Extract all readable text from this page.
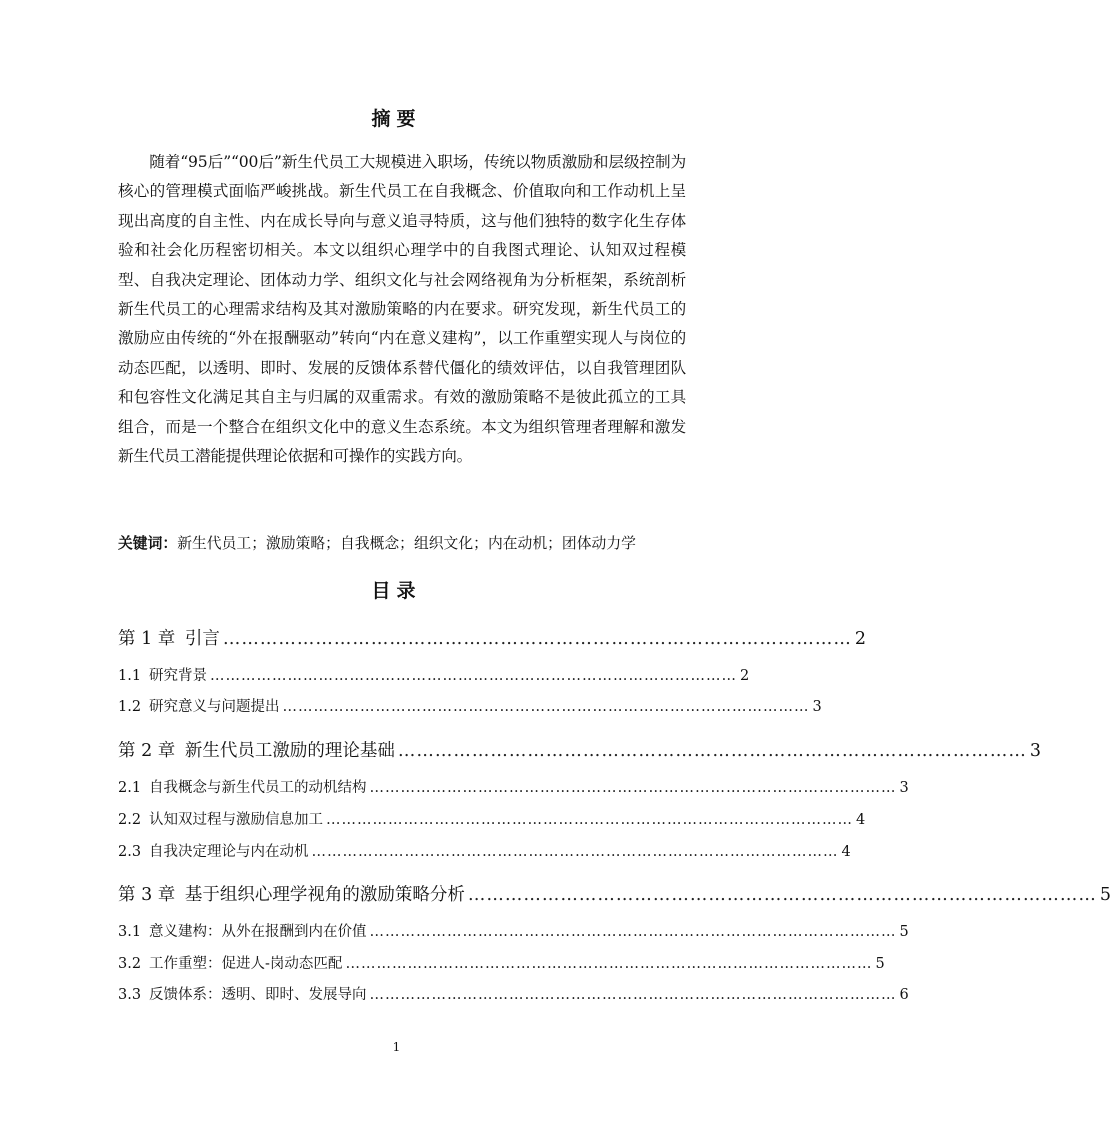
摘要

随着“95后”“00后”新生代员工大规模进入职场，传统以物质激励和层级控制为核心的管理模式面临严峻挑战。新生代员工在自我概念、价值取向和工作动机上呈现出高度的自主性、内在成长导向与意义追寻特质，这与他们独特的数字化生存体验和社会化历程密切相关。本文以组织心理学中的自我图式理论、认知双过程模型、自我决定理论、团体动力学、组织文化与社会网络视角为分析框架，系统剖析新生代员工的心理需求结构及其对激励策略的内在要求。研究发现，新生代员工的激励应由传统的“外在报酬驱动”转向“内在意义建构”，以工作重塑实现人与岗位的动态匹配，以透明、即时、发展的反馈体系替代僵化的绩效评估，以自我管理团队和包容性文化满足其自主与归属的双重需求。有效的激励策略不是彼此孤立的工具组合，而是一个整合在组织文化中的意义生态系统。本文为组织管理者理解和激发新生代员工潜能提供理论依据和可操作的实践方向。

关键词：新生代员工；激励策略；自我概念；组织文化；内在动机；团体动力学

目录
第 1 章 引言 ………………………………………………………………………………………… 2
1.1 研究背景 ………………………………………………………………………………………… 2
1.2 研究意义与问题提出 ………………………………………………………………………………………… 3
第 2 章 新生代员工激励的理论基础 ………………………………………………………………………………………… 3
2.1 自我概念与新生代员工的动机结构 ………………………………………………………………………………………… 3
2.2 认知双过程与激励信息加工 ………………………………………………………………………………………… 4
2.3 自我决定理论与内在动机 ………………………………………………………………………………………… 4
第 3 章 基于组织心理学视角的激励策略分析 ………………………………………………………………………………………… 5
3.1 意义建构：从外在报酬到内在价值 ………………………………………………………………………………………… 5
3.2 工作重塑：促进人-岗动态匹配 ………………………………………………………………………………………… 5
3.3 反馈体系：透明、即时、发展导向 ………………………………………………………………………………………… 6

1
